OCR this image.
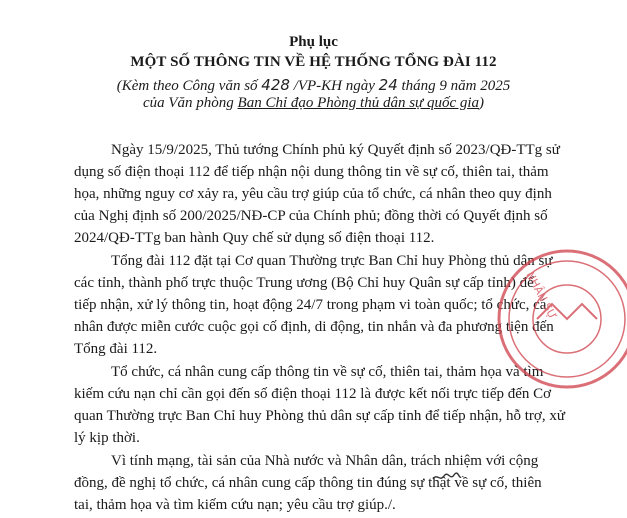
Phụ lục
MỘT SỐ THÔNG TIN VỀ HỆ THỐNG TỔNG ĐÀI 112
(Kèm theo Công văn số 428 /VP-KH ngày 24 tháng 9 năm 2025
của Văn phòng Ban Chỉ đạo Phòng thủ dân sự quốc gia)
Ngày 15/9/2025, Thủ tướng Chính phủ ký Quyết định số 2023/QĐ-TTg sử
dụng số điện thoại 112 để tiếp nhận nội dung thông tin về sự cố, thiên tai, thảm
họa, những nguy cơ xảy ra, yêu cầu trợ giúp của tổ chức, cá nhân theo quy định
của Nghị định số 200/2025/NĐ-CP của Chính phủ; đồng thời có Quyết định số
2024/QĐ-TTg ban hành Quy chế sử dụng số điện thoại 112.
Tổng đài 112 đặt tại Cơ quan Thường trực Ban Chỉ huy Phòng thủ dân sự
các tỉnh, thành phố trực thuộc Trung ương (Bộ Chỉ huy Quân sự cấp tỉnh) để
tiếp nhận, xử lý thông tin, hoạt động 24/7 trong phạm vi toàn quốc; tổ chức, cá
nhân được miễn cước cuộc gọi cố định, di động, tin nhắn và đa phương tiện đến
Tổng đài 112.
Tổ chức, cá nhân cung cấp thông tin về sự cố, thiên tai, thảm họa và tìm
kiếm cứu nạn chỉ cần gọi đến số điện thoại 112 là được kết nối trực tiếp đến Cơ
quan Thường trực Ban Chỉ huy Phòng thủ dân sự cấp tỉnh để tiếp nhận, hỗ trợ, xử
lý kịp thời.
Vì tính mạng, tài sản của Nhà nước và Nhân dân, trách nhiệm với cộng
đồng, đề nghị tổ chức, cá nhân cung cấp thông tin đúng sự thật về sự cố, thiên
tai, thảm họa và tìm kiếm cứu nạn; yêu cầu trợ giúp./.
NHÂN SỰ
